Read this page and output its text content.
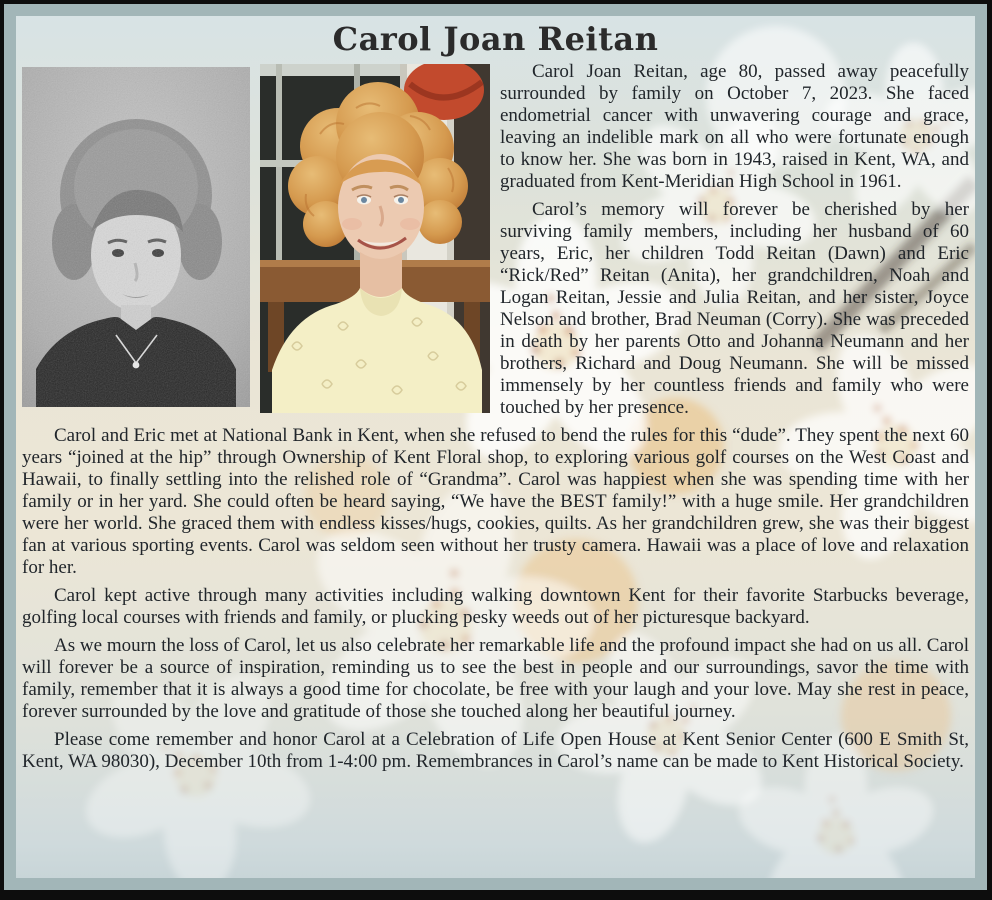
Carol Joan Reitan

Carol Joan Reitan, age 80, passed away peacefully surrounded by family on October 7, 2023. She faced endometrial cancer with unwavering courage and grace, leaving an indelible mark on all who were fortunate enough to know her. She was born in 1943, raised in Kent, WA, and graduated from Kent-Meridian High School in 1961.

Carol’s memory will forever be cherished by her surviving family members, including her husband of 60 years, Eric, her children Todd Reitan (Dawn) and Eric “Rick/Red” Reitan (Anita), her grandchildren, Noah and Logan Reitan, Jessie and Julia Reitan, and her sister, Joyce Nelson and brother, Brad Neuman (Corry). She was preceded in death by her parents Otto and Johanna Neumann and her brothers, Richard and Doug Neumann. She will be missed immensely by her countless friends and family who were touched by her presence.

Carol and Eric met at National Bank in Kent, when she refused to bend the rules for this “dude”. They spent the next 60 years “joined at the hip” through Ownership of Kent Floral shop, to exploring various golf courses on the West Coast and Hawaii, to finally settling into the relished role of “Grandma”. Carol was happiest when she was spending time with her family or in her yard. She could often be heard saying, “We have the BEST family!” with a huge smile. Her grandchildren were her world. She graced them with endless kisses/hugs, cookies, quilts. As her grandchildren grew, she was their biggest fan at various sporting events. Carol was seldom seen without her trusty camera. Hawaii was a place of love and relaxation for her.

Carol kept active through many activities including walking downtown Kent for their favorite Starbucks beverage, golfing local courses with friends and family, or plucking pesky weeds out of her picturesque backyard.

As we mourn the loss of Carol, let us also celebrate her remarkable life and the profound impact she had on us all. Carol will forever be a source of inspiration, reminding us to see the best in people and our surroundings, savor the time with family, remember that it is always a good time for chocolate, be free with your laugh and your love. May she rest in peace, forever surrounded by the love and gratitude of those she touched along her beautiful journey.

Please come remember and honor Carol at a Celebration of Life Open House at Kent Senior Center (600 E Smith St, Kent, WA 98030), December 10th from 1-4:00 pm. Remembrances in Carol’s name can be made to Kent Historical Society.
